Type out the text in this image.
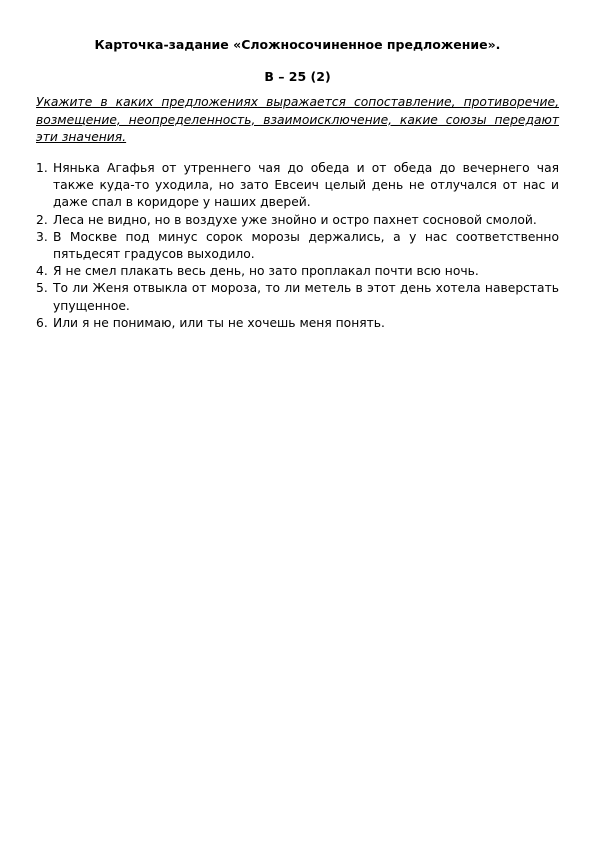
Карточка-задание «Сложносочиненное предложение».
В – 25 (2)
Укажите в каких предложениях выражается сопоставление, противоречие, возмещение, неопределенность, взаимоисключение, какие союзы передают эти значения.
1. Нянька Агафья от утреннего чая до обеда и от обеда до вечернего чая также куда-то уходила, но зато Евсеич целый день не отлучался от нас и даже спал в коридоре у наших дверей.
2. Леса не видно, но в воздухе уже знойно и остро пахнет сосновой смолой.
3. В Москве под минус сорок морозы держались, а у нас соответственно пятьдесят градусов выходило.
4. Я не смел плакать весь день, но зато проплакал почти всю ночь.
5. То ли Женя отвыкла от мороза, то ли метель в этот день хотела наверстать упущенное.
6. Или я не понимаю, или ты не хочешь меня понять.
